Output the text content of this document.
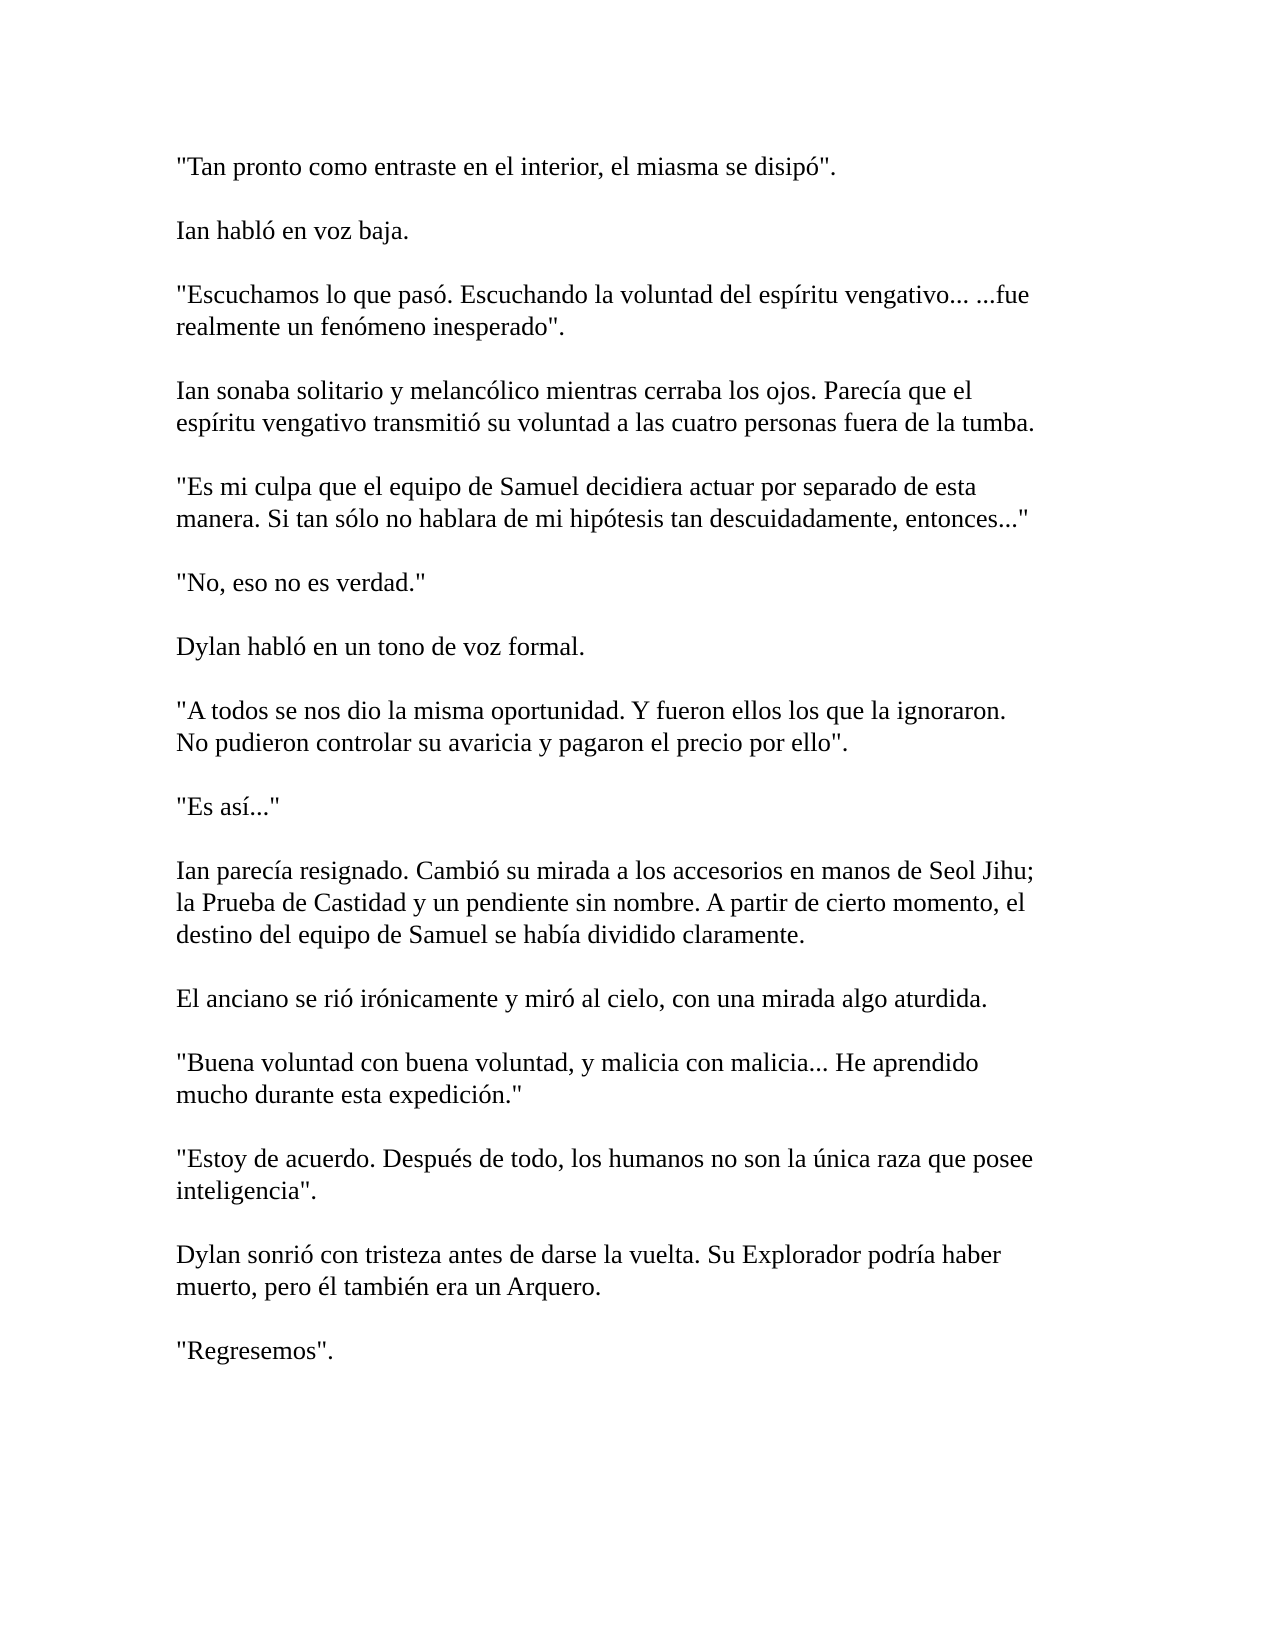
"Tan pronto como entraste en el interior, el miasma se disipó".

Ian habló en voz baja.

"Escuchamos lo que pasó. Escuchando la voluntad del espíritu vengativo... ...fue
realmente un fenómeno inesperado".

Ian sonaba solitario y melancólico mientras cerraba los ojos. Parecía que el
espíritu vengativo transmitió su voluntad a las cuatro personas fuera de la tumba.

"Es mi culpa que el equipo de Samuel decidiera actuar por separado de esta
manera. Si tan sólo no hablara de mi hipótesis tan descuidadamente, entonces..."

"No, eso no es verdad."

Dylan habló en un tono de voz formal.

"A todos se nos dio la misma oportunidad. Y fueron ellos los que la ignoraron.
No pudieron controlar su avaricia y pagaron el precio por ello".

"Es así..."

Ian parecía resignado. Cambió su mirada a los accesorios en manos de Seol Jihu;
la Prueba de Castidad y un pendiente sin nombre. A partir de cierto momento, el
destino del equipo de Samuel se había dividido claramente.

El anciano se rió irónicamente y miró al cielo, con una mirada algo aturdida.

"Buena voluntad con buena voluntad, y malicia con malicia... He aprendido
mucho durante esta expedición."

"Estoy de acuerdo. Después de todo, los humanos no son la única raza que posee
inteligencia".

Dylan sonrió con tristeza antes de darse la vuelta. Su Explorador podría haber
muerto, pero él también era un Arquero.

"Regresemos".
